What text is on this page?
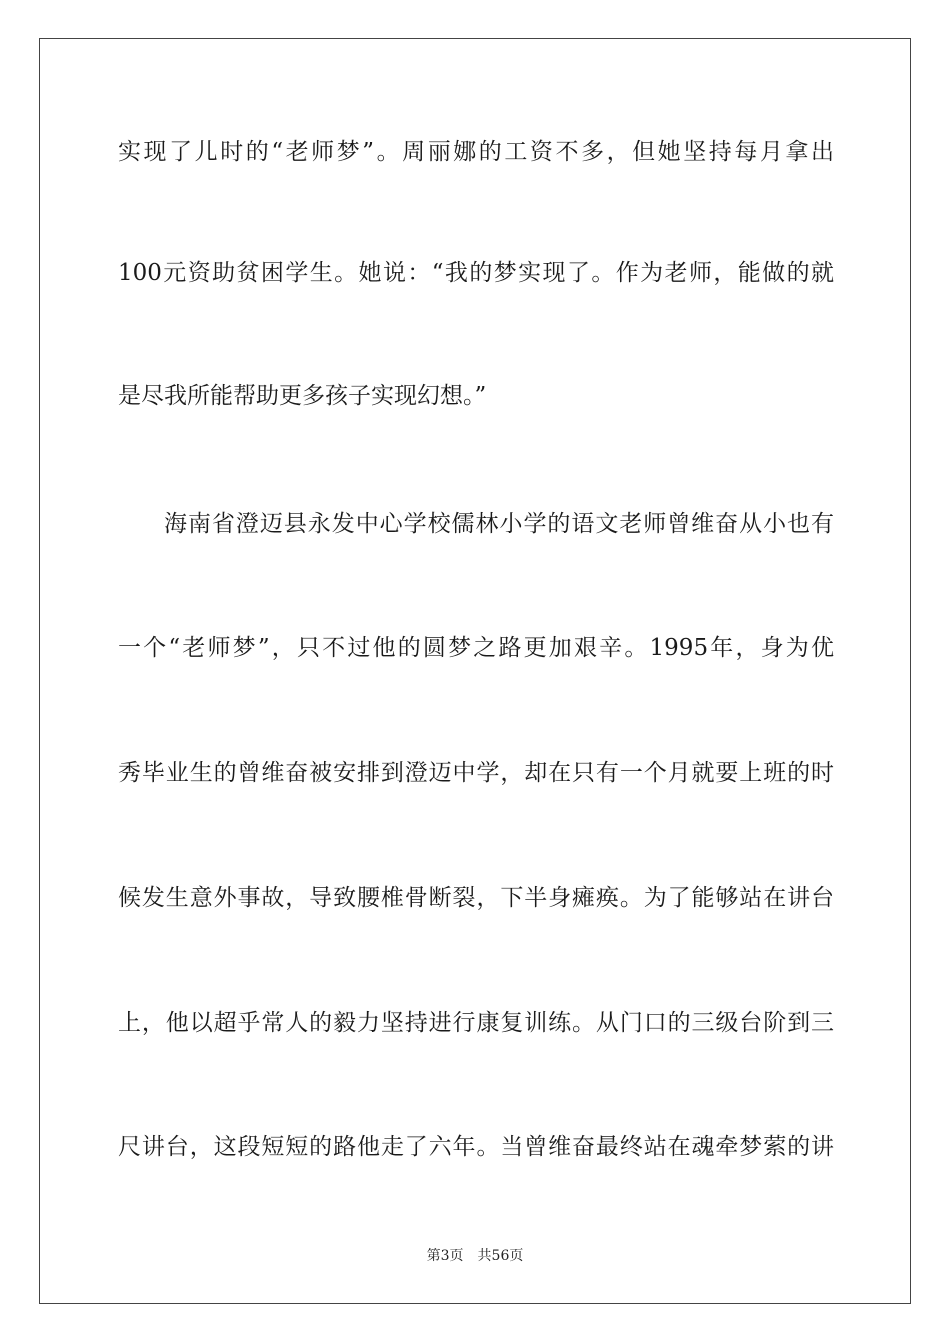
实现了儿时的“老师梦”。周丽娜的工资不多，但她坚持每月拿出

100元资助贫困学生。她说：“我的梦实现了。作为老师，能做的就

是尽我所能帮助更多孩子实现幻想。”

海南省澄迈县永发中心学校儒林小学的语文老师曾维奋从小也有

一个“老师梦”，只不过他的圆梦之路更加艰辛。1995年，身为优

秀毕业生的曾维奋被安排到澄迈中学，却在只有一个月就要上班的时

候发生意外事故，导致腰椎骨断裂，下半身瘫痪。为了能够站在讲台

上，他以超乎常人的毅力坚持进行康复训练。从门口的三级台阶到三

尺讲台，这段短短的路他走了六年。当曾维奋最终站在魂牵梦萦的讲

第3页 共56页
